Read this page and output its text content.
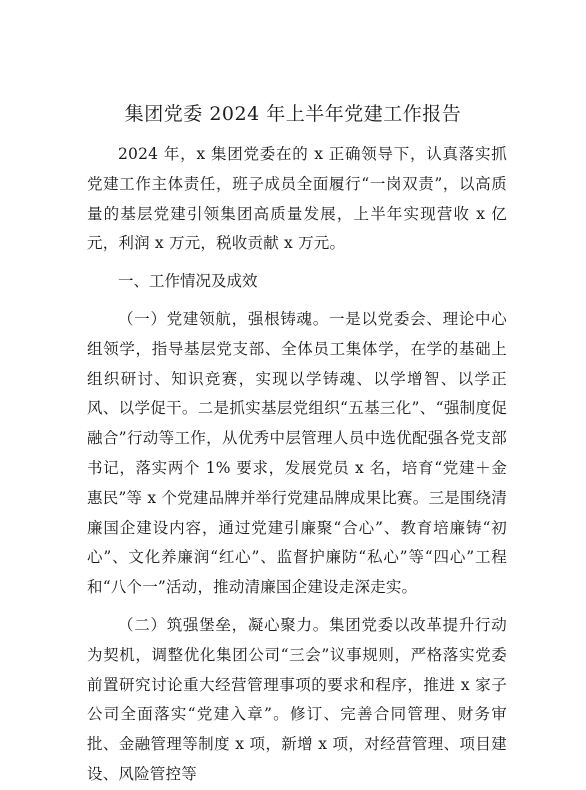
集团党委 2024 年上半年党建工作报告

2024 年，x 集团党委在的 x 正确领导下，认真落实抓党建工作主体责任，班子成员全面履行“一岗双责”，以高质量的基层党建引领集团高质量发展，上半年实现营收 x 亿元，利润 x 万元，税收贡献 x 万元。

一、工作情况及成效

（一）党建领航，强根铸魂。一是以党委会、理论中心组领学，指导基层党支部、全体员工集体学，在学的基础上组织研讨、知识竞赛，实现以学铸魂、以学增智、以学正风、以学促干。二是抓实基层党组织“五基三化”、“强制度促融合”行动等工作，从优秀中层管理人员中选优配强各党支部书记，落实两个 1% 要求，发展党员 x 名，培育“党建＋金惠民”等 x 个党建品牌并举行党建品牌成果比赛。三是围绕清廉国企建设内容，通过党建引廉聚“合心”、教育培廉铸“初心”、文化养廉润“红心”、监督护廉防“私心”等“四心”工程和“八个一”活动，推动清廉国企建设走深走实。

（二）筑强堡垒，凝心聚力。集团党委以改革提升行动为契机，调整优化集团公司“三会”议事规则，严格落实党委前置研究讨论重大经营管理事项的要求和程序，推进 x 家子公司全面落实“党建入章”。修订、完善合同管理、财务审批、金融管理等制度 x 项，新增 x 项，对经营管理、项目建设、风险管控等
